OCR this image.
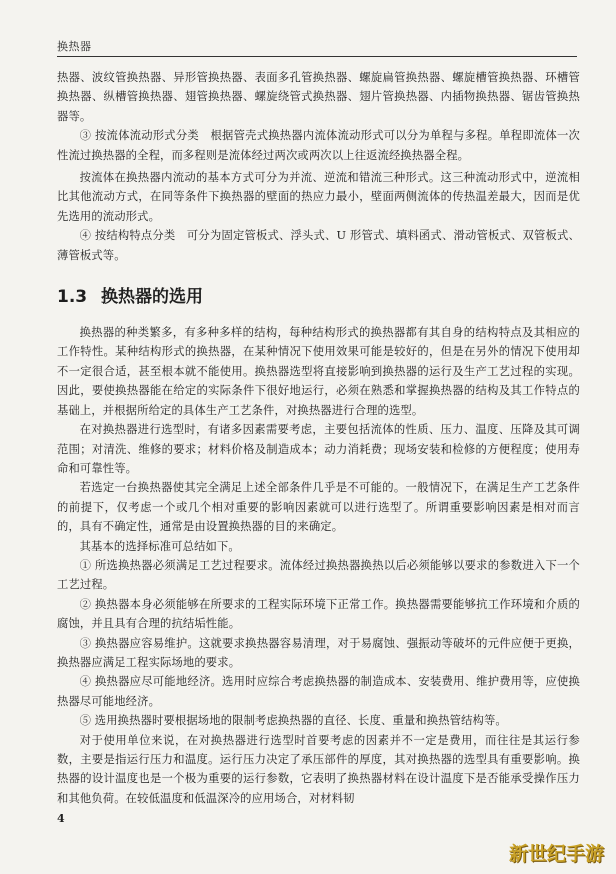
换热器

热器、波纹管换热器、异形管换热器、表面多孔管换热器、螺旋扁管换热器、螺旋槽管换热器、环槽管换热器、纵槽管换热器、翅管换热器、螺旋绕管式换热器、翅片管换热器、内插物换热器、锯齿管换热器等。

③ 按流体流动形式分类　根据管壳式换热器内流体流动形式可以分为单程与多程。单程即流体一次性流过换热器的全程，而多程则是流体经过两次或两次以上往返流经换热器全程。

按流体在换热器内流动的基本方式可分为并流、逆流和错流三种形式。这三种流动形式中，逆流相比其他流动方式，在同等条件下换热器的壁面的热应力最小，壁面两侧流体的传热温差最大，因而是优先选用的流动形式。

④ 按结构特点分类　可分为固定管板式、浮头式、U 形管式、填料函式、滑动管板式、双管板式、薄管板式等。

1.3 换热器的选用

换热器的种类繁多，有多种多样的结构，每种结构形式的换热器都有其自身的结构特点及其相应的工作特性。某种结构形式的换热器，在某种情况下使用效果可能是较好的，但是在另外的情况下使用却不一定很合适，甚至根本就不能使用。换热器选型将直接影响到换热器的运行及生产工艺过程的实现。因此，要使换热器能在给定的实际条件下很好地运行，必须在熟悉和掌握换热器的结构及其工作特点的基础上，并根据所给定的具体生产工艺条件，对换热器进行合理的选型。

在对换热器进行选型时，有诸多因素需要考虑，主要包括流体的性质、压力、温度、压降及其可调范围；对清洗、维修的要求；材料价格及制造成本；动力消耗费；现场安装和检修的方便程度；使用寿命和可靠性等。

若选定一台换热器使其完全满足上述全部条件几乎是不可能的。一般情况下，在满足生产工艺条件的前提下，仅考虑一个或几个相对重要的影响因素就可以进行选型了。所谓重要影响因素是相对而言的，具有不确定性，通常是由设置换热器的目的来确定。

其基本的选择标准可总结如下。

① 所选换热器必须满足工艺过程要求。流体经过换热器换热以后必须能够以要求的参数进入下一个工艺过程。

② 换热器本身必须能够在所要求的工程实际环境下正常工作。换热器需要能够抗工作环境和介质的腐蚀，并且具有合理的抗结垢性能。

③ 换热器应容易维护。这就要求换热器容易清理，对于易腐蚀、强振动等破坏的元件应便于更换，换热器应满足工程实际场地的要求。

④ 换热器应尽可能地经济。选用时应综合考虑换热器的制造成本、安装费用、维护费用等，应使换热器尽可能地经济。

⑤ 选用换热器时要根据场地的限制考虑换热器的直径、长度、重量和换热管结构等。

对于使用单位来说，在对换热器进行选型时首要考虑的因素并不一定是费用，而往往是其运行参数，主要是指运行压力和温度。运行压力决定了承压部件的厚度，其对换热器的选型具有重要影响。换热器的设计温度也是一个极为重要的运行参数，它表明了换热器材料在设计温度下是否能承受操作压力和其他负荷。在较低温度和低温深冷的应用场合，对材料韧

4
新世纪手游
